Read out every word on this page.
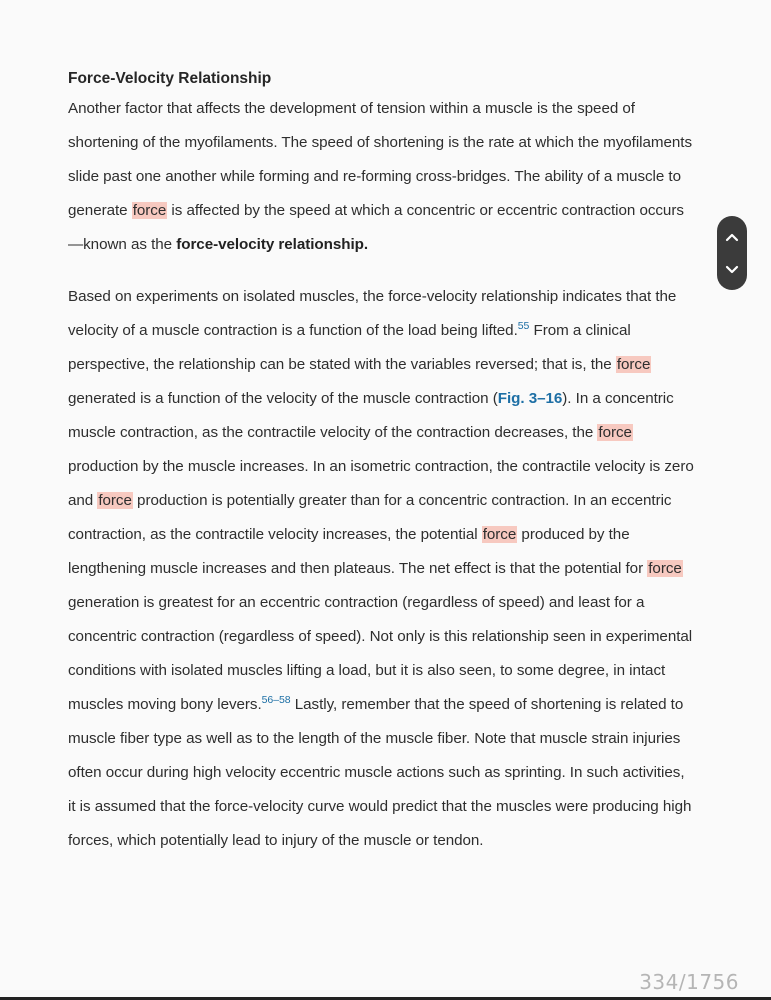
Force-Velocity Relationship

Another factor that affects the development of tension within a muscle is the speed of shortening of the myofilaments. The speed of shortening is the rate at which the myofilaments slide past one another while forming and re-forming cross-bridges. The ability of a muscle to generate force is affected by the speed at which a concentric or eccentric contraction occurs—known as the force-velocity relationship.

Based on experiments on isolated muscles, the force-velocity relationship indicates that the velocity of a muscle contraction is a function of the load being lifted.$^{55}$ From a clinical perspective, the relationship can be stated with the variables reversed; that is, the force generated is a function of the velocity of the muscle contraction (Fig. 3–16). In a concentric muscle contraction, as the contractile velocity of the contraction decreases, the force production by the muscle increases. In an isometric contraction, the contractile velocity is zero and force production is potentially greater than for a concentric contraction. In an eccentric contraction, as the contractile velocity increases, the potential force produced by the lengthening muscle increases and then plateaus. The net effect is that the potential for force generation is greatest for an eccentric contraction (regardless of speed) and least for a concentric contraction (regardless of speed). Not only is this relationship seen in experimental conditions with isolated muscles lifting a load, but it is also seen, to some degree, in intact muscles moving bony levers.$^{56-58}$ Lastly, remember that the speed of shortening is related to muscle fiber type as well as to the length of the muscle fiber. Note that muscle strain injuries often occur during high velocity eccentric muscle actions such as sprinting. In such activities, it is assumed that the force-velocity curve would predict that the muscles were producing high forces, which potentially lead to injury of the muscle or tendon.

334/1756
